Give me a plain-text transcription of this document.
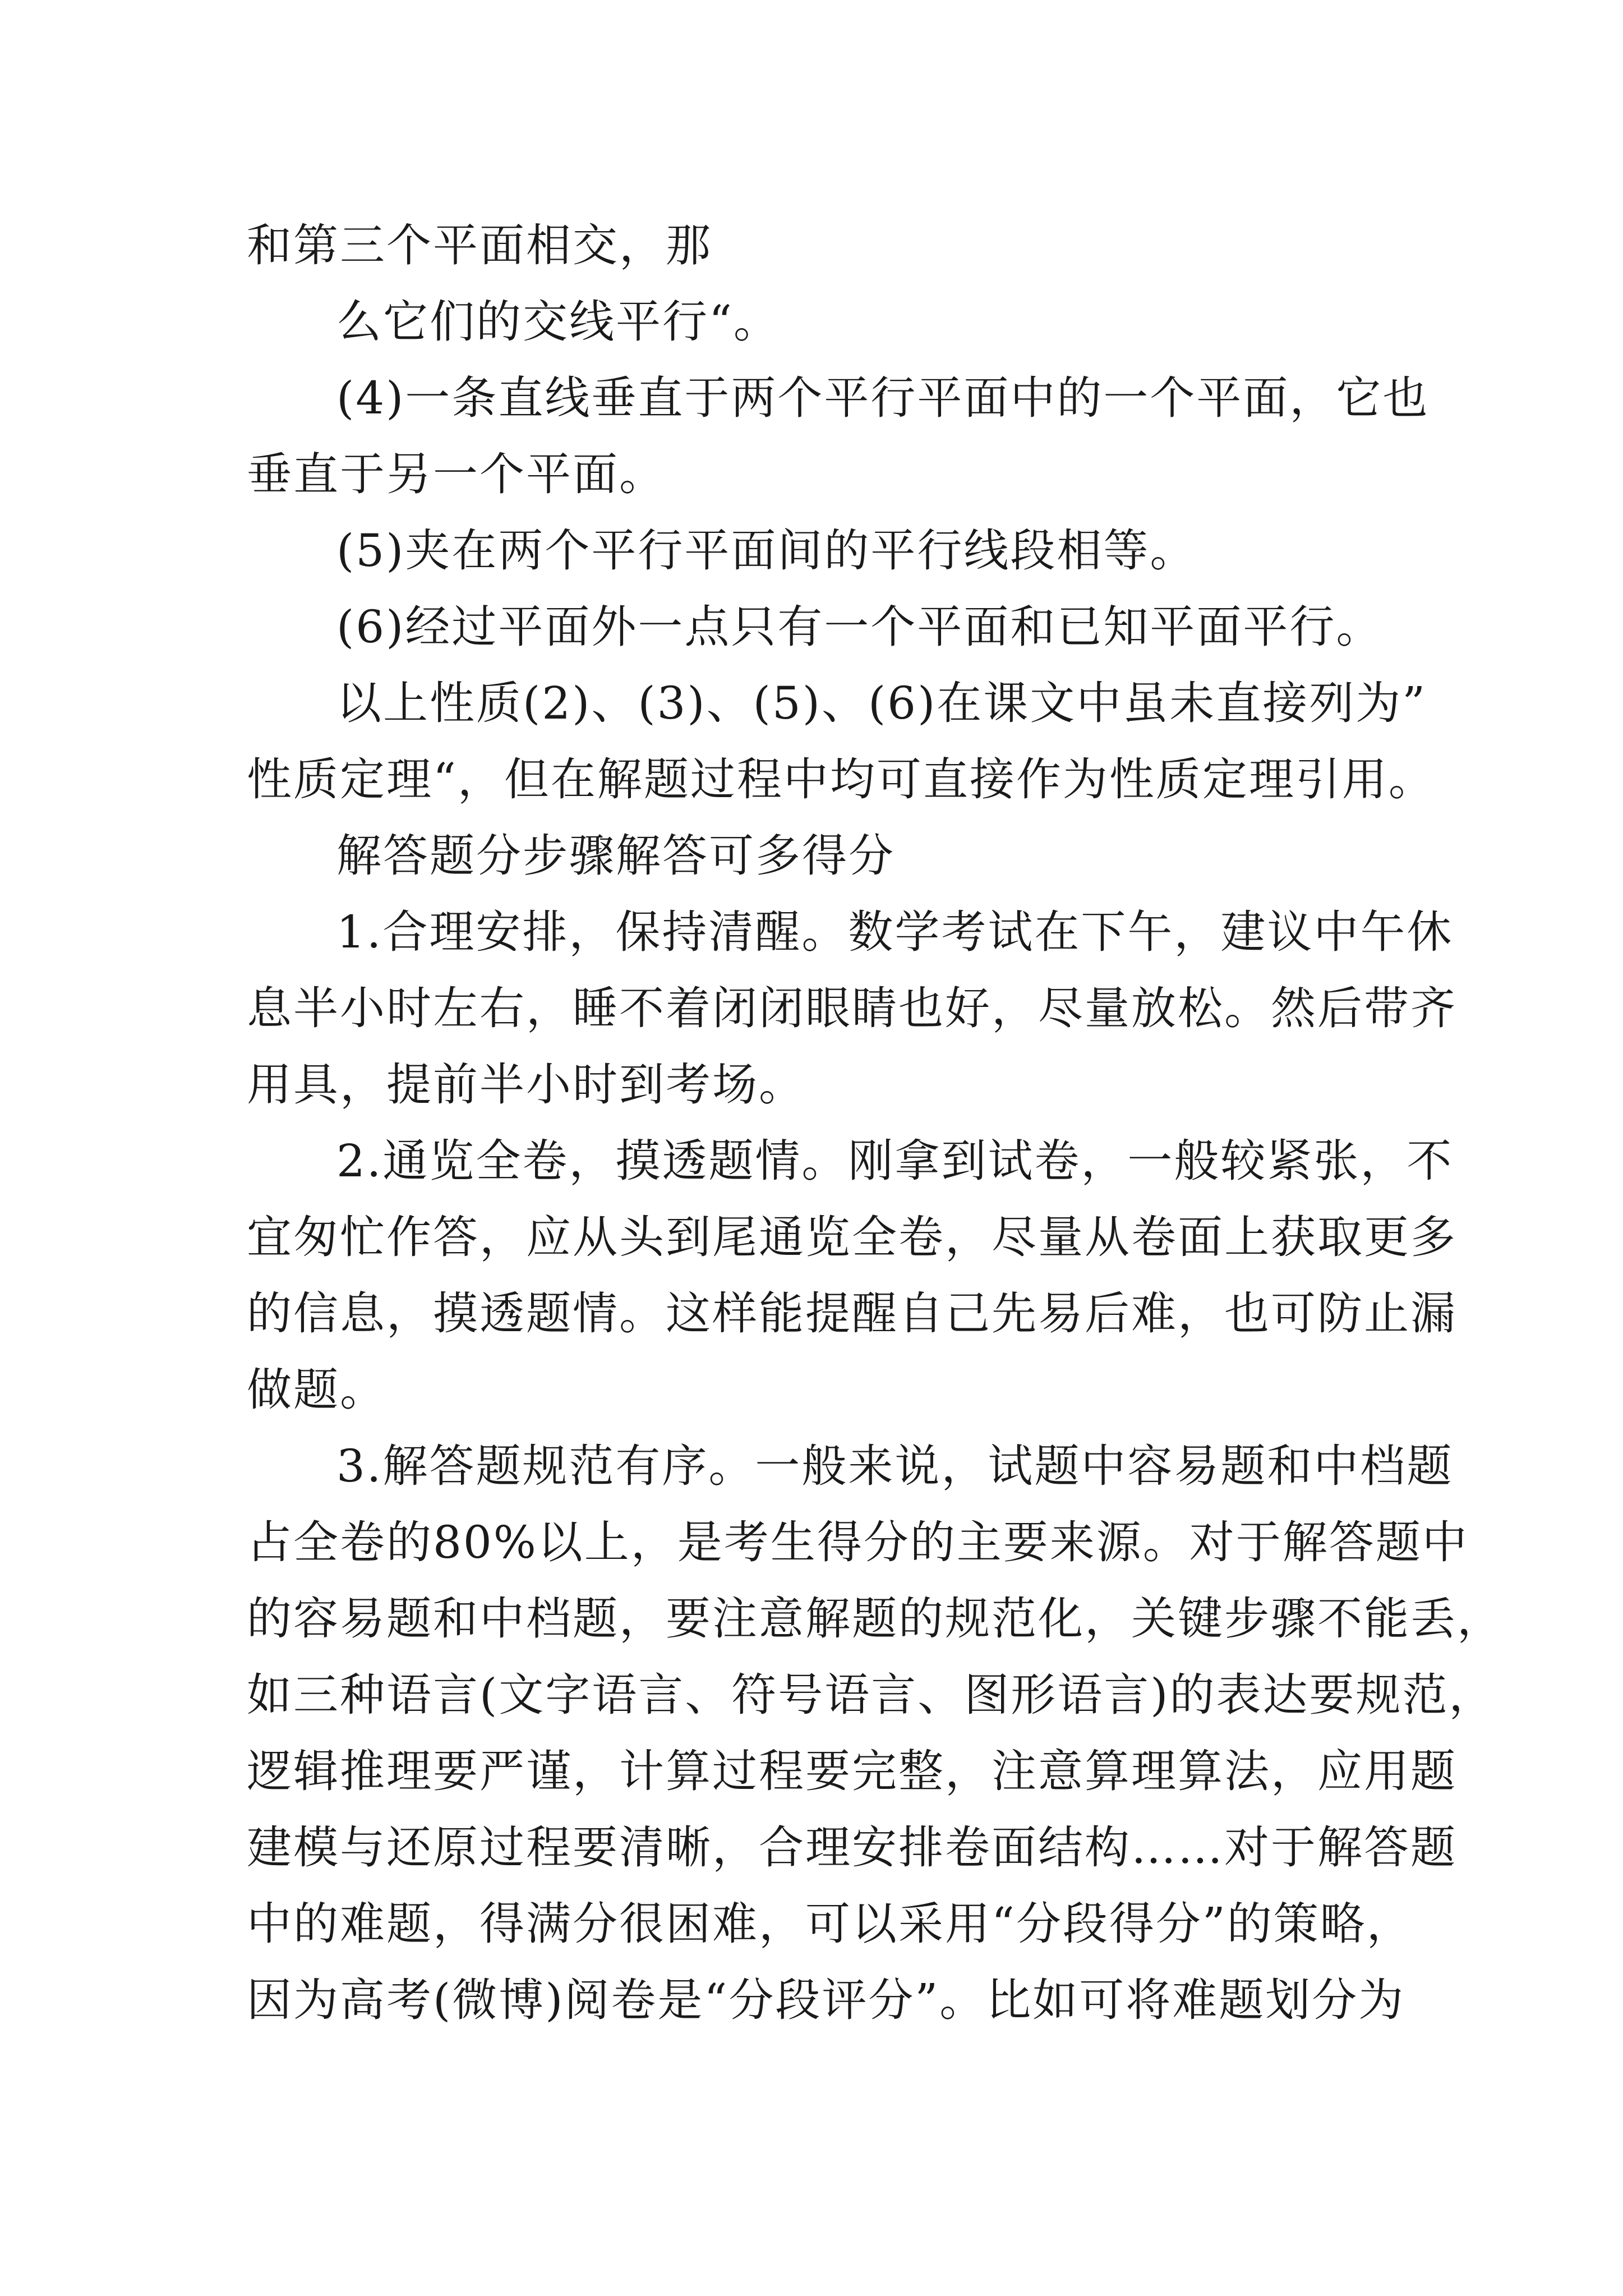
和第三个平面相交，那

么它们的交线平行“。

(4)一条直线垂直于两个平行平面中的一个平面，它也

垂直于另一个平面。

(5)夹在两个平行平面间的平行线段相等。

(6)经过平面外一点只有一个平面和已知平面平行。

以上性质(2)、(3)、(5)、(6)在课文中虽未直接列为”

性质定理“，但在解题过程中均可直接作为性质定理引用。

解答题分步骤解答可多得分

1.合理安排，保持清醒。数学考试在下午，建议中午休

息半小时左右，睡不着闭闭眼睛也好，尽量放松。然后带齐

用具，提前半小时到考场。

2.通览全卷，摸透题情。刚拿到试卷，一般较紧张，不

宜匆忙作答，应从头到尾通览全卷，尽量从卷面上获取更多

的信息，摸透题情。这样能提醒自己先易后难，也可防止漏

做题。

3.解答题规范有序。一般来说，试题中容易题和中档题

占全卷的80%以上，是考生得分的主要来源。对于解答题中

的容易题和中档题，要注意解题的规范化，关键步骤不能丢，

如三种语言(文字语言、符号语言、图形语言)的表达要规范，

逻辑推理要严谨，计算过程要完整，注意算理算法，应用题

建模与还原过程要清晰，合理安排卷面结构……对于解答题

中的难题，得满分很困难，可以采用“分段得分”的策略，

因为高考(微博)阅卷是“分段评分”。比如可将难题划分为
